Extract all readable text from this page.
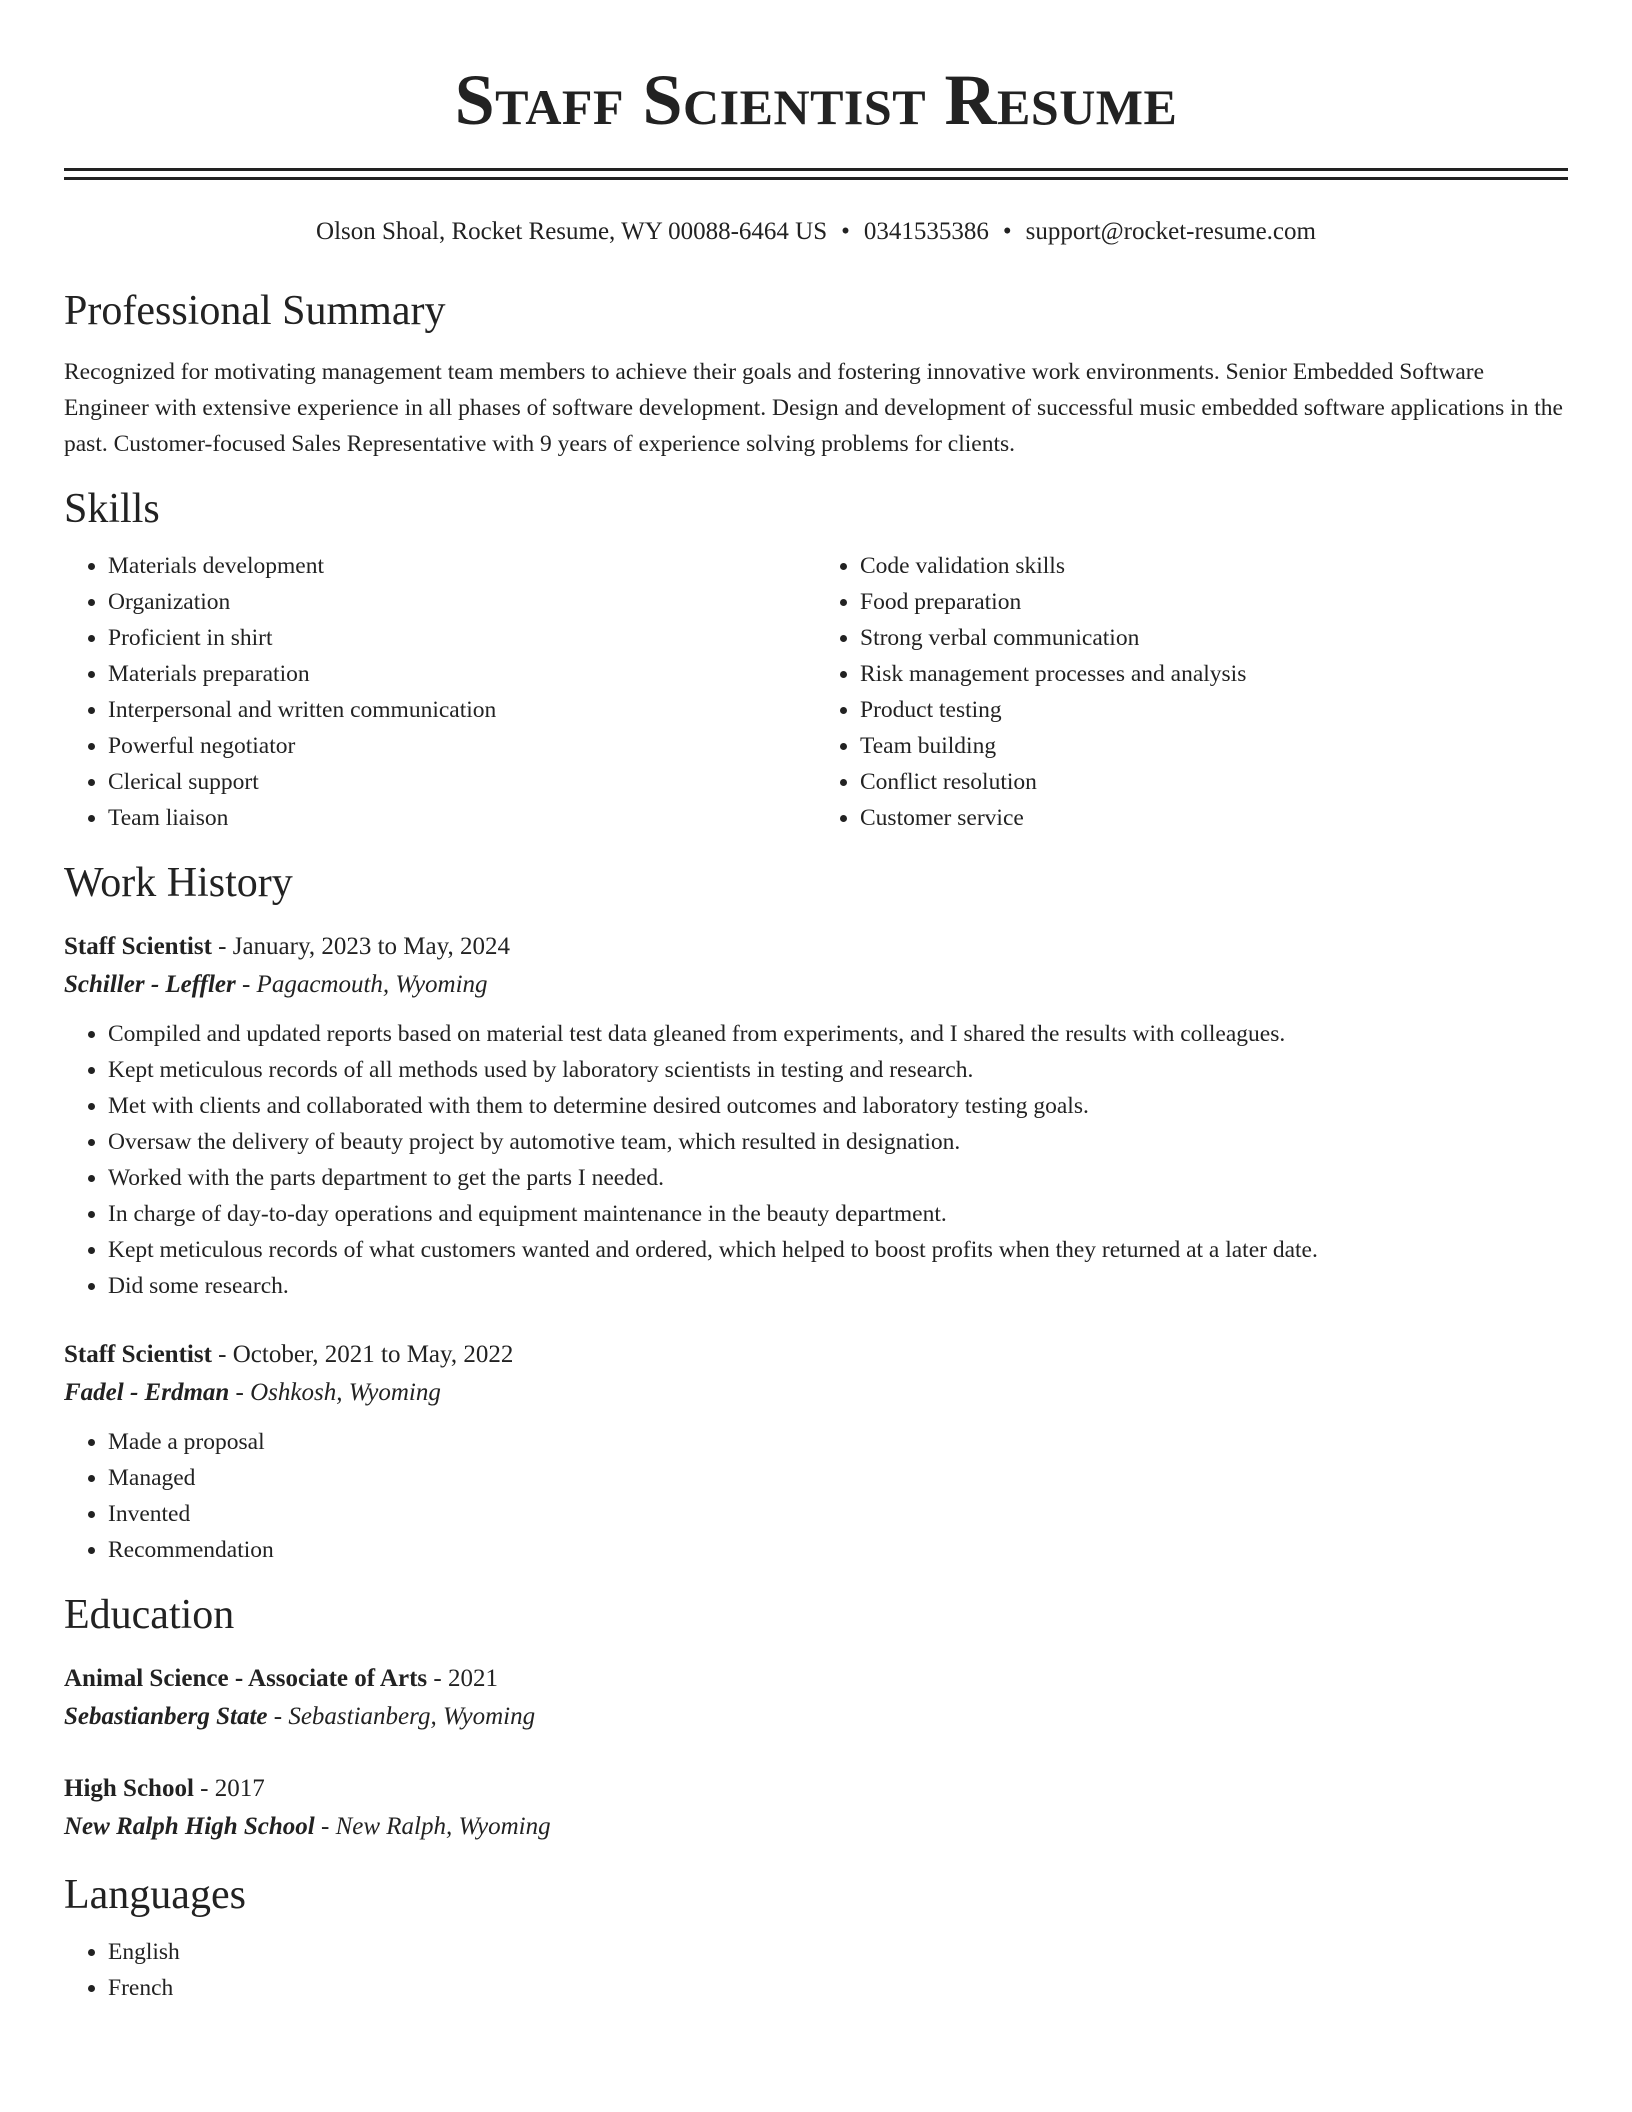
Staff Scientist Resume
Olson Shoal, Rocket Resume, WY 00088-6464 US • 0341535386 • support@rocket-resume.com
Professional Summary

Recognized for motivating management team members to achieve their goals and fostering innovative work environments. Senior Embedded Software Engineer with extensive experience in all phases of software development. Design and development of successful music embedded software applications in the past. Customer-focused Sales Representative with 9 years of experience solving problems for clients.

Skills
• Materials development
• Organization
• Proficient in shirt
• Materials preparation
• Interpersonal and written communication
• Powerful negotiator
• Clerical support
• Team liaison
• Code validation skills
• Food preparation
• Strong verbal communication
• Risk management processes and analysis
• Product testing
• Team building
• Conflict resolution
• Customer service
Work History
Staff Scientist - January, 2023 to May, 2024
Schiller - Leffler - Pagacmouth, Wyoming
• Compiled and updated reports based on material test data gleaned from experiments, and I shared the results with colleagues.
• Kept meticulous records of all methods used by laboratory scientists in testing and research.
• Met with clients and collaborated with them to determine desired outcomes and laboratory testing goals.
• Oversaw the delivery of beauty project by automotive team, which resulted in designation.
• Worked with the parts department to get the parts I needed.
• In charge of day-to-day operations and equipment maintenance in the beauty department.
• Kept meticulous records of what customers wanted and ordered, which helped to boost profits when they returned at a later date.
• Did some research.
Staff Scientist - October, 2021 to May, 2022
Fadel - Erdman - Oshkosh, Wyoming
• Made a proposal
• Managed
• Invented
• Recommendation
Education
Animal Science - Associate of Arts - 2021
Sebastianberg State - Sebastianberg, Wyoming
High School - 2017
New Ralph High School - New Ralph, Wyoming
Languages
• English
• French
